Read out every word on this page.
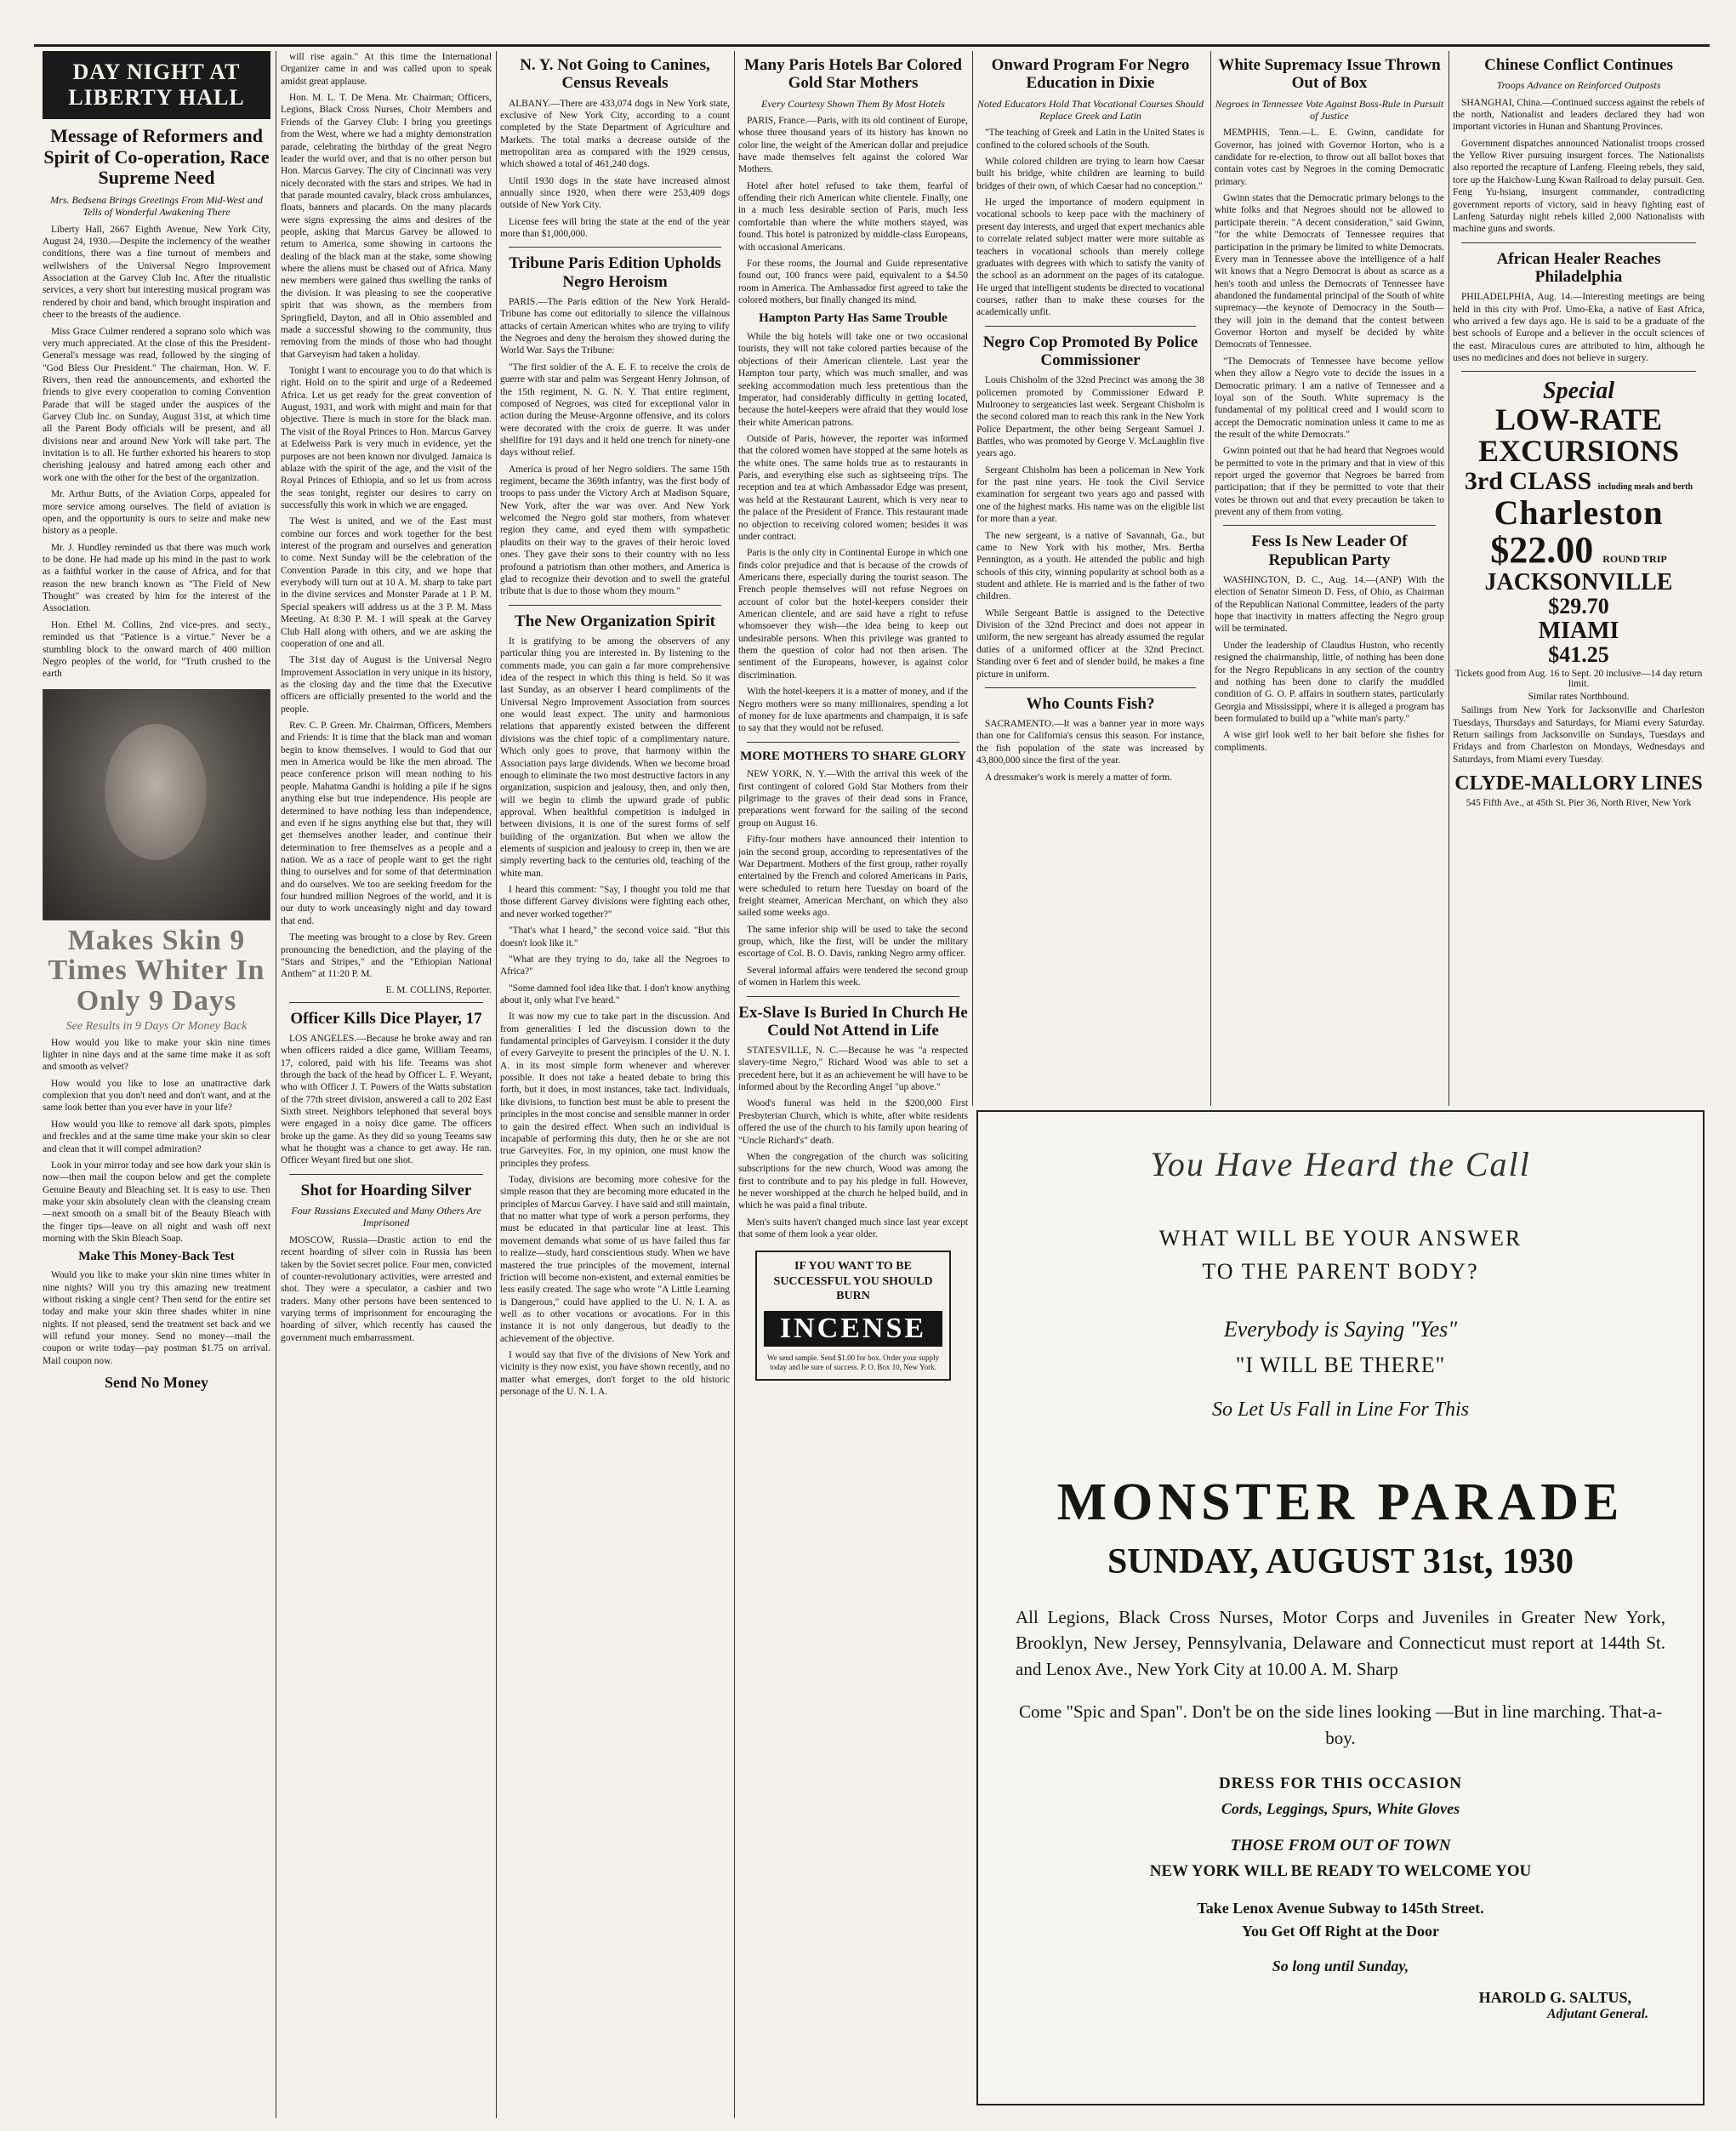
DAY NIGHT AT LIBERTY HALL
Message of Reformers and Spirit of Co-operation, Race Supreme Need
Mrs. Bedsena Brings Greetings From Mid-West and Tells of Wonderful Awakening There

Liberty Hall, 2667 Eighth Avenue, New York City, August 24, 1930.—Despite the inclemency of the weather conditions, there was a fine turnout of members and wellwishers of the Universal Negro Improvement Association at the Garvey Club Inc. After the ritualistic services, a very short but interesting musical program was rendered by choir and band, which brought inspiration and cheer to the breasts of the audience.

Miss Grace Culmer rendered a soprano solo which was very much appreciated. At the close of this the President-General's message was read, followed by the singing of "God Bless Our President." The chairman, Hon. W. F. Rivers, then read the announcements, and exhorted the friends to give every cooperation to coming Convention Parade that will be staged under the auspices of the Garvey Club Inc. on Sunday, August 31st, at which time all the Parent Body officials will be present, and all divisions near and around New York will take part. The invitation is to all. He further exhorted his hearers to stop cherishing jealousy and hatred among each other and work one with the other for the best of the organization.

Mr. Arthur Butts, of the Aviation Corps, appealed for more service among ourselves. The field of aviation is open, and the opportunity is ours to seize and make new history as a people.

Mr. J. Hundley reminded us that there was much work to be done. He had made up his mind in the past to work as a faithful worker in the cause of Africa, and for that reason the new branch known as "The Field of New Thought" was created by him for the interest of the Association.

Hon. Ethel M. Collins, 2nd vice-pres. and secty., reminded us that "Patience is a virtue." Never be a stumbling block to the onward march of 400 million Negro peoples of the world, for "Truth crushed to the earth

Makes Skin 9 Times Whiter In Only 9 Days
See Results in 9 Days Or Money Back

How would you like to make your skin nine times lighter in nine days and at the same time make it as soft and smooth as velvet?

How would you like to lose an unattractive dark complexion that you don't need and don't want, and at the same look better than you ever have in your life?

How would you like to remove all dark spots, pimples and freckles and at the same time make your skin so clear and clean that it will compel admiration?

Look in your mirror today and see how dark your skin is now—then mail the coupon below and get the complete Genuine Beauty and Bleaching set. It is easy to use. Then make your skin absolutely clean with the cleansing cream—next smooth on a small bit of the Beauty Bleach with the finger tips—leave on all night and wash off next morning with the Skin Bleach Soap.

Make This Money-Back Test

Would you like to make your skin nine times whiter in nine nights? Will you try this amazing new treatment without risking a single cent? Then send for the entire set today and make your skin three shades whiter in nine nights. If not pleased, send the treatment set back and we will refund your money. Send no money—mail the coupon or write today—pay postman $1.75 on arrival. Mail coupon now.

Send No Money

will rise again." At this time the International Organizer came in and was called upon to speak amidst great applause.

Hon. M. L. T. De Mena. Mr. Chairman; Officers, Legions, Black Cross Nurses, Choir Members and Friends of the Garvey Club: I bring you greetings from the West, where we had a mighty demonstration parade, celebrating the birthday of the great Negro leader the world over, and that is no other person but Hon. Marcus Garvey. The city of Cincinnati was very nicely decorated with the stars and stripes. We had in that parade mounted cavalry, black cross ambulances, floats, banners and placards. On the many placards were signs expressing the aims and desires of the people, asking that Marcus Garvey be allowed to return to America, some showing in cartoons the dealing of the black man at the stake, some showing where the aliens must be chased out of Africa. Many new members were gained thus swelling the ranks of the division. It was pleasing to see the cooperative spirit that was shown, as the members from Springfield, Dayton, and all in Ohio assembled and made a successful showing to the community, thus removing from the minds of those who had thought that Garveyism had taken a holiday.

Tonight I want to encourage you to do that which is right. Hold on to the spirit and urge of a Redeemed Africa. Let us get ready for the great convention of August, 1931, and work with might and main for that objective. There is much in store for the black man. The visit of the Royal Princes to Hon. Marcus Garvey at Edelweiss Park is very much in evidence, yet the purposes are not been known nor divulged. Jamaica is ablaze with the spirit of the age, and the visit of the Royal Princes of Ethiopia, and so let us from across the seas tonight, register our desires to carry on successfully this work in which we are engaged.

The West is united, and we of the East must combine our forces and work together for the best interest of the program and ourselves and generation to come. Next Sunday will be the celebration of the Convention Parade in this city, and we hope that everybody will turn out at 10 A. M. sharp to take part in the divine services and Monster Parade at 1 P. M. Special speakers will address us at the 3 P. M. Mass Meeting. At 8:30 P. M. I will speak at the Garvey Club Hall along with others, and we are asking the cooperation of one and all.

The 31st day of August is the Universal Negro Improvement Association in very unique in its history, as the closing day and the time that the Executive officers are officially presented to the world and the people.

Rev. C. P. Green. Mr. Chairman, Officers, Members and Friends: It is time that the black man and woman begin to know themselves. I would to God that our men in America would be like the men abroad. The peace conference prison will mean nothing to his people. Mahatma Gandhi is holding a pile if he signs anything else but true independence. His people are determined to have nothing less than independence, and even if he signs anything else but that, they will get themselves another leader, and continue their determination to free themselves as a people and a nation. We as a race of people want to get the right thing to ourselves and for some of that determination and do ourselves. We too are seeking freedom for the four hundred million Negroes of the world, and it is our duty to work unceasingly night and day toward that end.

The meeting was brought to a close by Rev. Green pronouncing the benediction, and the playing of the "Stars and Stripes," and the "Ethiopian National Anthem" at 11:20 P. M.

E. M. COLLINS, Reporter.
Officer Kills Dice Player, 17

LOS ANGELES.—Because he broke away and ran when officers raided a dice game, William Teeams, 17, colored, paid with his life. Teeams was shot through the back of the head by Officer L. F. Weyant, who with Officer J. T. Powers of the Watts substation of the 77th street division, answered a call to 202 East Sixth street. Neighbors telephoned that several boys were engaged in a noisy dice game. The officers broke up the game. As they did so young Teeams saw what he thought was a chance to get away. He ran. Officer Weyant fired but one shot.

Shot for Hoarding Silver
Four Russians Executed and Many Others Are Imprisoned

MOSCOW, Russia—Drastic action to end the recent hoarding of silver coin in Russia has been taken by the Soviet secret police. Four men, convicted of counter-revolutionary activities, were arrested and shot. They were a speculator, a cashier and two traders. Many other persons have been sentenced to varying terms of imprisonment for encouraging the hoarding of silver, which recently has caused the government much embarrassment.

N. Y. Not Going to Canines, Census Reveals

ALBANY.—There are 433,074 dogs in New York state, exclusive of New York City, according to a count completed by the State Department of Agriculture and Markets. The total marks a decrease outside of the metropolitan area as compared with the 1929 census, which showed a total of 461,240 dogs.

Until 1930 dogs in the state have increased almost annually since 1920, when there were 253,409 dogs outside of New York City.

License fees will bring the state at the end of the year more than $1,000,000.

Tribune Paris Edition Upholds Negro Heroism

PARIS.—The Paris edition of the New York Herald-Tribune has come out editorially to silence the villainous attacks of certain American whites who are trying to vilify the Negroes and deny the heroism they showed during the World War. Says the Tribune:

"The first soldier of the A. E. F. to receive the croix de guerre with star and palm was Sergeant Henry Johnson, of the 15th regiment, N. G. N. Y. That entire regiment, composed of Negroes, was cited for exceptional valor in action during the Meuse-Argonne offensive, and its colors were decorated with the croix de guerre. It was under shellfire for 191 days and it held one trench for ninety-one days without relief.

America is proud of her Negro soldiers. The same 15th regiment, became the 369th infantry, was the first body of troops to pass under the Victory Arch at Madison Square, New York, after the war was over. And New York welcomed the Negro gold star mothers, from whatever region they came, and eyed them with sympathetic plaudits on their way to the graves of their heroic loved ones. They gave their sons to their country with no less profound a patriotism than other mothers, and America is glad to recognize their devotion and to swell the grateful tribute that is due to those whom they mourn."

The New Organization Spirit

It is gratifying to be among the observers of any particular thing you are interested in. By listening to the comments made, you can gain a far more comprehensive idea of the respect in which this thing is held. So it was last Sunday, as an observer I heard compliments of the Universal Negro Improvement Association from sources one would least expect. The unity and harmonious relations that apparently existed between the different divisions was the chief topic of a complimentary nature. Which only goes to prove, that harmony within the Association pays large dividends. When we become broad enough to eliminate the two most destructive factors in any organization, suspicion and jealousy, then, and only then, will we begin to climb the upward grade of public approval. When healthful competition is indulged in between divisions, it is one of the surest forms of self building of the organization. But when we allow the elements of suspicion and jealousy to creep in, then we are simply reverting back to the centuries old, teaching of the white man.

I heard this comment: "Say, I thought you told me that those different Garvey divisions were fighting each other, and never worked together?"

"That's what I heard," the second voice said. "But this doesn't look like it."

"What are they trying to do, take all the Negroes to Africa?"

"Some damned fool idea like that. I don't know anything about it, only what I've heard."

It was now my cue to take part in the discussion. And from generalities I led the discussion down to the fundamental principles of Garveyism. I consider it the duty of every Garveyite to present the principles of the U. N. I. A. in its most simple form whenever and wherever possible. It does not take a heated debate to bring this forth, but it does, in most instances, take tact. Individuals, like divisions, to function best must be able to present the principles in the most concise and sensible manner in order to gain the desired effect. When such an individual is incapable of performing this duty, then he or she are not true Garveyites. For, in my opinion, one must know the principles they profess.

Today, divisions are becoming more cohesive for the simple reason that they are becoming more educated in the principles of Marcus Garvey. I have said and still maintain, that no matter what type of work a person performs, they must be educated in that particular line at least. This movement demands what some of us have failed thus far to realize—study, hard conscientious study. When we have mastered the true principles of the movement, internal friction will become non-existent, and external enmities be less easily created. The sage who wrote "A Little Learning is Dangerous," could have applied to the U. N. I. A. as well as to other vocations or avocations. For in this instance it is not only dangerous, but deadly to the achievement of the objective.

I would say that five of the divisions of New York and vicinity is they now exist, you have shown recently, and no matter what emerges, don't forget to the old historic personage of the U. N. I. A.

Many Paris Hotels Bar Colored Gold Star Mothers
Every Courtesy Shown Them By Most Hotels

PARIS, France.—Paris, with its old continent of Europe, whose three thousand years of its history has known no color line, the weight of the American dollar and prejudice have made themselves felt against the colored War Mothers.

Hotel after hotel refused to take them, fearful of offending their rich American white clientele. Finally, one in a much less desirable section of Paris, much less comfortable than where the white mothers stayed, was found. This hotel is patronized by middle-class Europeans, with occasional Americans.

For these rooms, the Journal and Guide representative found out, 100 francs were paid, equivalent to a $4.50 room in America. The Ambassador first agreed to take the colored mothers, but finally changed its mind.

Hampton Party Has Same Trouble

While the big hotels will take one or two occasional tourists, they will not take colored parties because of the objections of their American clientele. Last year the Hampton tour party, which was much smaller, and was seeking accommodation much less pretentious than the Imperator, had considerably difficulty in getting located, because the hotel-keepers were afraid that they would lose their white American patrons.

Outside of Paris, however, the reporter was informed that the colored women have stopped at the same hotels as the white ones. The same holds true as to restaurants in Paris, and everything else such as sightseeing trips. The reception and tea at which Ambassador Edge was present, was held at the Restaurant Laurent, which is very near to the palace of the President of France. This restaurant made no objection to receiving colored women; besides it was under contract.

Paris is the only city in Continental Europe in which one finds color prejudice and that is because of the crowds of Americans there, especially during the tourist season. The French people themselves will not refuse Negroes on account of color but the hotel-keepers consider their American clientele, and are said have a right to refuse whomsoever they wish—the idea being to keep out undesirable persons. When this privilege was granted to them the question of color had not then arisen. The sentiment of the Europeans, however, is against color discrimination.

With the hotel-keepers it is a matter of money, and if the Negro mothers were so many millionaires, spending a lot of money for de luxe apartments and champaign, it is safe to say that they would not be refused.

MORE MOTHERS TO SHARE GLORY

NEW YORK, N. Y.—With the arrival this week of the first contingent of colored Gold Star Mothers from their pilgrimage to the graves of their dead sons in France, preparations went forward for the sailing of the second group on August 16.

Fifty-four mothers have announced their intention to join the second group, according to representatives of the War Department. Mothers of the first group, rather royally entertained by the French and colored Americans in Paris, were scheduled to return here Tuesday on board of the freight steamer, American Merchant, on which they also sailed some weeks ago.

The same inferior ship will be used to take the second group, which, like the first, will be under the military escortage of Col. B. O. Davis, ranking Negro army officer.

Several informal affairs were tendered the second group of women in Harlem this week.

Ex-Slave Is Buried In Church He Could Not Attend in Life

STATESVILLE, N. C.—Because he was "a respected slavery-time Negro," Richard Wood was able to set a precedent here, but it as an achievement he will have to be informed about by the Recording Angel "up above."

Wood's funeral was held in the $200,000 First Presbyterian Church, which is white, after white residents offered the use of the church to his family upon hearing of "Uncle Richard's" death.

When the congregation of the church was soliciting subscriptions for the new church, Wood was among the first to contribute and to pay his pledge in full. However, he never worshipped at the church he helped build, and in which he was paid a final tribute.

Men's suits haven't changed much since last year except that some of them look a year older.

IF YOU WANT TO BE SUCCESSFUL YOU SHOULD BURN
INCENSE
We send sample. Send $1.00 for box. Order your supply today and be sure of success. P. O. Box 10, New York.
Onward Program For Negro Education in Dixie
Noted Educators Hold That Vocational Courses Should Replace Greek and Latin

"The teaching of Greek and Latin in the United States is confined to the colored schools of the South.

While colored children are trying to learn how Caesar built his bridge, white children are learning to build bridges of their own, of which Caesar had no conception."

He urged the importance of modern equipment in vocational schools to keep pace with the machinery of present day interests, and urged that expert mechanics able to correlate related subject matter were more suitable as teachers in vocational schools than merely college graduates with degrees with which to satisfy the vanity of the school as an adornment on the pages of its catalogue. He urged that intelligent students be directed to vocational courses, rather than to make these courses for the academically unfit.

Negro Cop Promoted By Police Commissioner

Louis Chisholm of the 32nd Precinct was among the 38 policemen promoted by Commissioner Edward P. Mulrooney to sergeancies last week. Sergeant Chisholm is the second colored man to reach this rank in the New York Police Department, the other being Sergeant Samuel J. Battles, who was promoted by George V. McLaughlin five years ago.

Sergeant Chisholm has been a policeman in New York for the past nine years. He took the Civil Service examination for sergeant two years ago and passed with one of the highest marks. His name was on the eligible list for more than a year.

The new sergeant, is a native of Savannah, Ga., but came to New York with his mother, Mrs. Bertha Pennington, as a youth. He attended the public and high schools of this city, winning popularity at school both as a student and athlete. He is married and is the father of two children.

While Sergeant Battle is assigned to the Detective Division of the 32nd Precinct and does not appear in uniform, the new sergeant has already assumed the regular duties of a uniformed officer at the 32nd Precinct. Standing over 6 feet and of slender build, he makes a fine picture in uniform.

Who Counts Fish?

SACRAMENTO.—It was a banner year in more ways than one for California's census this season. For instance, the fish population of the state was increased by 43,800,000 since the first of the year.

A dressmaker's work is merely a matter of form.

White Supremacy Issue Thrown Out of Box
Negroes in Tennessee Vote Against Boss-Rule in Pursuit of Justice

MEMPHIS, Tenn.—L. E. Gwinn, candidate for Governor, has joined with Governor Horton, who is a candidate for re-election, to throw out all ballot boxes that contain votes cast by Negroes in the coming Democratic primary.

Gwinn states that the Democratic primary belongs to the white folks and that Negroes should not be allowed to participate therein. "A decent consideration," said Gwinn, "for the white Democrats of Tennessee requires that participation in the primary be limited to white Democrats. Every man in Tennessee above the intelligence of a half wit knows that a Negro Democrat is about as scarce as a hen's tooth and unless the Democrats of Tennessee have abandoned the fundamental principal of the South of white supremacy—the keynote of Democracy in the South—they will join in the demand that the contest between Governor Horton and myself be decided by white Democrats of Tennessee.

"The Democrats of Tennessee have become yellow when they allow a Negro vote to decide the issues in a Democratic primary. I am a native of Tennessee and a loyal son of the South. White supremacy is the fundamental of my political creed and I would scorn to accept the Democratic nomination unless it came to me as the result of the white Democrats."

Gwinn pointed out that he had heard that Negroes would be permitted to vote in the primary and that in view of this report urged the governor that Negroes be barred from participation; that if they be permitted to vote that their votes be thrown out and that every precaution be taken to prevent any of them from voting.

Fess Is New Leader Of Republican Party

WASHINGTON, D. C., Aug. 14.—(ANP) With the election of Senator Simeon D. Fess, of Ohio, as Chairman of the Republican National Committee, leaders of the party hope that inactivity in matters affecting the Negro group will be terminated.

Under the leadership of Claudius Huston, who recently resigned the chairmanship, little, of nothing has been done for the Negro Republicans in any section of the country and nothing has been done to clarify the muddled condition of G. O. P. affairs in southern states, particularly Georgia and Mississippi, where it is alleged a program has been formulated to build up a "white man's party."

A wise girl look well to her bait before she fishes for compliments.

Chinese Conflict Continues
Troops Advance on Reinforced Outposts

SHANGHAI, China.—Continued success against the rebels of the north, Nationalist and leaders declared they had won important victories in Hunan and Shantung Provinces.

Government dispatches announced Nationalist troops crossed the Yellow River pursuing insurgent forces. The Nationalists also reported the recapture of Lanfeng. Fleeing rebels, they said, tore up the Haichow-Lung Kwan Railroad to delay pursuit. Gen. Feng Yu-hsiang, insurgent commander, contradicting government reports of victory, said in heavy fighting east of Lanfeng Saturday night rebels killed 2,000 Nationalists with machine guns and swords.

African Healer Reaches Philadelphia

PHILADELPHIA, Aug. 14.—Interesting meetings are being held in this city with Prof. Umo-Eka, a native of East Africa, who arrived a few days ago. He is said to be a graduate of the best schools of Europe and a believer in the occult sciences of the east. Miraculous cures are attributed to him, although he uses no medicines and does not believe in surgery.

Special
LOW-RATE EXCURSIONS
3rd CLASS including meals and berth
Charleston
$22.00 ROUND TRIP
JACKSONVILLE
$29.70
MIAMI
$41.25
Tickets good from Aug. 16 to Sept. 20 inclusive—14 day return limit.
Similar rates Northbound.

Sailings from New York for Jacksonville and Charleston Tuesdays, Thursdays and Saturdays, for Miami every Saturday. Return sailings from Jacksonville on Sundays, Tuesdays and Fridays and from Charleston on Mondays, Wednesdays and Saturdays, from Miami every Tuesday.

CLYDE-MALLORY LINES
545 Fifth Ave., at 45th St. Pier 36, North River, New York
You Have Heard the Call
WHAT WILL BE YOUR ANSWER
TO THE PARENT BODY?
Everybody is Saying "Yes"
"I WILL BE THERE"
So Let Us Fall in Line For This
MONSTER PARADE
SUNDAY, AUGUST 31st, 1930
All Legions, Black Cross Nurses, Motor Corps and Juveniles in Greater New York, Brooklyn, New Jersey, Pennsylvania, Delaware and Connecticut must report at 144th St. and Lenox Ave., New York City at 10.00 A. M. Sharp
Come "Spic and Span". Don't be on the side lines looking —But in line marching. That-a-boy.
DRESS FOR THIS OCCASION
Cords, Leggings, Spurs, White Gloves
THOSE FROM OUT OF TOWN
NEW YORK WILL BE READY TO WELCOME YOU
Take Lenox Avenue Subway to 145th Street.
You Get Off Right at the Door
So long until Sunday,
HAROLD G. SALTUS,
Adjutant General.
